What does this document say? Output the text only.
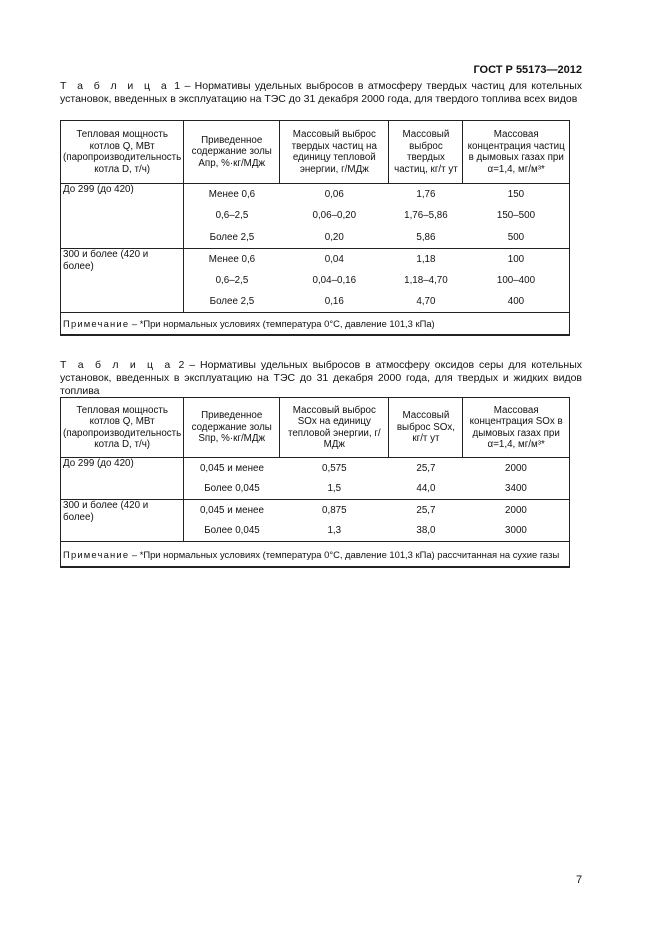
ГОСТ Р 55173—2012
Т а б л и ц а 1 – Нормативы удельных выбросов в атмосферу твердых частиц для котельных установок, введенных в эксплуатацию на ТЭС до 31 декабря 2000 года, для твердого топлива всех видов
Тепловая мощность котлов Q, МВт (паропроизводительность котла D, т/ч)	Приведенное содержание золы Aпр, %·кг/МДж	Массовый выброс твердых частиц на единицу тепловой энергии, г/МДж	Массовый выброс твердых частиц, кг/т ут	Массовая концентрация частиц в дымовых газах при α=1,4, мг/м³*
До 299 (до 420)	Менее 0,6	0,06	1,76	150
	0,6–2,5	0,06–0,20	1,76–5,86	150–500
	Более 2,5	0,20	5,86	500
300 и более (420 и более)	Менее 0,6	0,04	1,18	100
	0,6–2,5	0,04–0,16	1,18–4,70	100–400
	Более 2,5	0,16	4,70	400
Примечание – *При нормальных условиях (температура 0°С, давление 101,3 кПа)				
Т а б л и ц а 2 – Нормативы удельных выбросов в атмосферу оксидов серы для котельных установок, введенных в эксплуатацию на ТЭС до 31 декабря 2000 года, для твердых и жидких видов топлива
Тепловая мощность котлов Q, МВт (паропроизводительность котла D, т/ч)	Приведенное содержание золы Sпр, %·кг/МДж	Массовый выброс SOx на единицу тепловой энергии, г/МДж	Массовый выброс SOx, кг/т ут	Массовая концентрация SOx в дымовых газах при α=1,4, мг/м³*
До 299 (до 420)	0,045 и менее	0,575	25,7	2000
	Более 0,045	1,5	44,0	3400
300 и более (420 и более)	0,045 и менее	0,875	25,7	2000
	Более 0,045	1,3	38,0	3000
Примечание – *При нормальных условиях (температура 0°С, давление 101,3 кПа) рассчитанная на сухие газы				
7
